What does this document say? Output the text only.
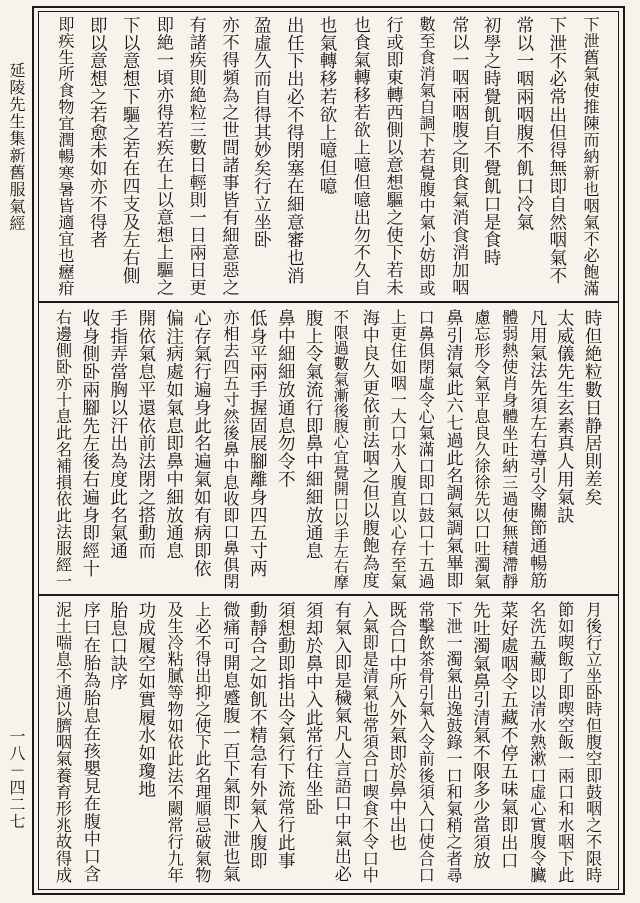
延陵先生集新舊服氣經
一八－四二七
下泄舊氣使推陳而納新也咽氣不必飽滿
下泄不必常出但得無即自然咽氣不
常以一咽兩咽腹不飢口冷氣
初學之時覺飢自不覺飢口是食時
常以一咽兩咽腹之則食氣消食消加咽
數至食消氣自調下若覺腹中氣小妨即或
行或即東轉西側以意想驅之使下若未
也食氣轉移若欲上噫但噫出勿不久自
也氣轉移若欲上噫但噫
出任下出必不得閉塞在細意審也消
盈虛久而自得其妙矣行立坐卧
亦不得頻為之世間諸事皆有細意惡之
有諸疾則絶粒三數日輕則一日兩日更
即絶一頃亦得若疾在上以意想上驅之
下以意想下驅之若在四支及左右側
即以意想之若愈未如亦不得者
即疾生所食物宜潤暢寒暑皆適宜也癧疳
時但絶粒數日静居則差矣
太威儀先生玄素真人用氣訣
凡用氣法先須左右導引令關節通暢筋
體弱熱使肖身體坐吐納三過使無積滯靜
慮忘形令氣平息良久徐徐先以口吐濁氣
鼻引清氣此六七過此名調氣調氣畢即
口鼻俱閉虛令心氣滿口即口鼓口十五過
上更住如咽一大口水入腹直以心存至氣
海中良久更依前法咽之但以腹飽為度
不限過數氣漸後腹心宜覺開口以手左右摩
腹上令氣流行即鼻中細細放通息
鼻中細細放通息勿令不
低身平兩手握固展腳離身四五寸两
亦相去四五寸然後鼻中息收即口鼻俱閉
心存氣行遍身此名遍氣如有病即依
偏注病處如氣息即鼻中細放通息
開依氣息平還依前法閉之搭動而
手指弄當胸以汗出為度此名氣通
收身側卧兩腳先左後右遍身即經十
右邊側卧亦十息此名補損依此法服經一
月後行立坐卧時但腹空即鼓咽之不限時
節如喫飯了即喫空飯一兩口和水咽下此
名洗五藏即以清水熟漱口虛心實腹令臟
菜好處咽令五藏不停五味氣即出口
先吐濁氣鼻引清氣不限多少當須放
下泄一濁氣出逸鼓錄一口和氣稍之者尋
常擊飲茶骨引氣入令前後須入口使合口
既合口中所入外氣即於鼻中出也
入氣即是清氣也常須合口喫食不令口中
有氣入即是穢氣凡人言語口中氣出必
須却於鼻中入此常行住坐卧
須想動即指出令氣行下流常行此事
動靜合之如飢不精急有外氣入腹即
微痛可開息蹙腹一百下氣即下泄也氣
上必不得出抑之使下此名理順忌破氣物
及生冷粘膩等物如依此法不闕常行九年
功成履空如實履水如瓊地
胎息口訣序
序曰在胎為胎息在孩嬰見在腹中口含
泥土喘息不通以臍咽氣養育形兆故得成
